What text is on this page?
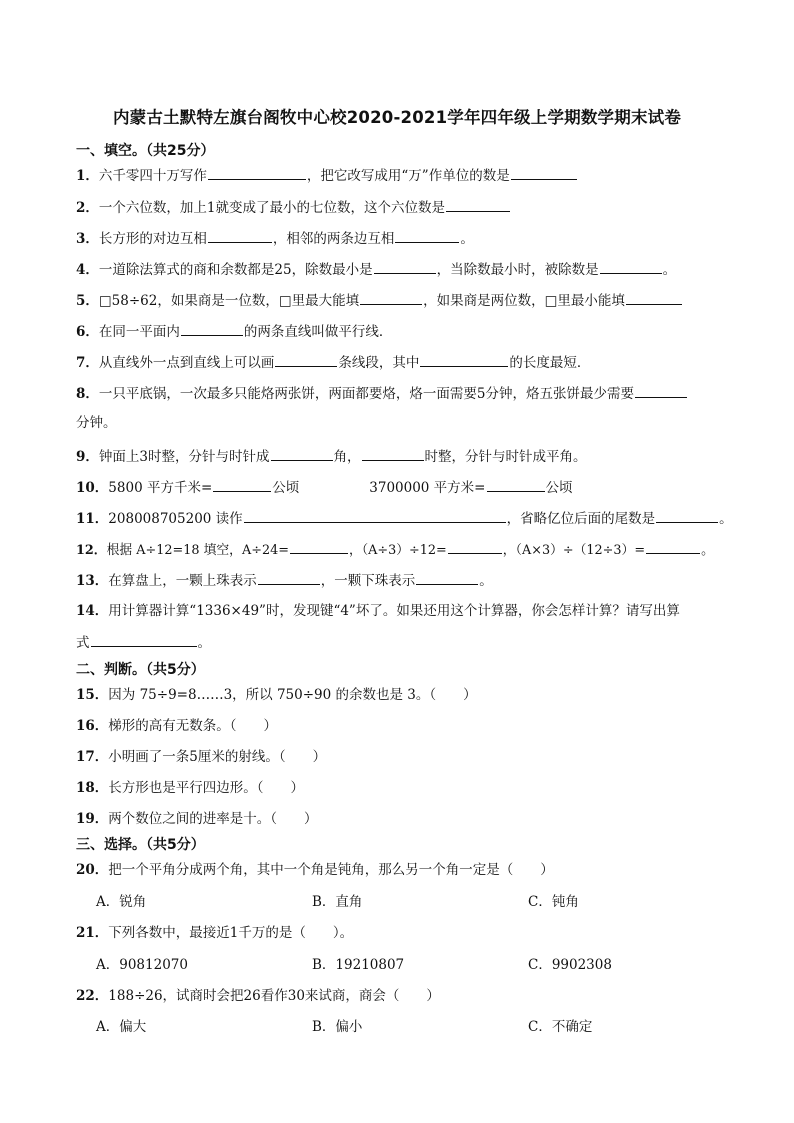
内蒙古土默特左旗台阁牧中心校2020-2021学年四年级上学期数学期末试卷
一、填空。（共25分）
1．六千零四十万写作	，把它改写成用“万”作单位的数是
2．一个六位数，加上1就变成了最小的七位数，这个六位数是
3．长方形的对边互相	，相邻的两条边互相	。
4．一道除法算式的商和余数都是25，除数最小是	，当除数最小时，被除数是	。
5．□58÷62，如果商是一位数，□里最大能填	，如果商是两位数，□里最小能填
6．在同一平面内	的两条直线叫做平行线．
7．从直线外一点到直线上可以画	条线段，其中	的长度最短．
8．一只平底锅，一次最多只能烙两张饼，两面都要烙，烙一面需要5分钟，烙五张饼最少需要
分钟。
9．钟面上3时整，分针与时针成	角，	时整，分针与时针成平角。
10．5800 平方千米=	公顷	3700000 平方米=	公顷
11．208008705200 读作	，省略亿位后面的尾数是	。
12．根据 A÷12=18 填空，A÷24=	，（A÷3）÷12=	，（A×3）÷（12÷3）=	。
13．在算盘上，一颗上珠表示	，一颗下珠表示	。
14．用计算器计算“1336×49”时，发现键“4”坏了。如果还用这个计算器，你会怎样计算？请写出算
式	。
二、判断。（共5分）
15．因为 75÷9=8……3，所以 750÷90 的余数也是 3。（　　）
16．梯形的高有无数条。（　　）
17．小明画了一条5厘米的射线。（　　）
18．长方形也是平行四边形。（　　）
19．两个数位之间的进率是十。（　　）
三、选择。（共5分）
20．把一个平角分成两个角，其中一个角是钝角，那么另一个角一定是（　　）
A．锐角	B．直角	C．钝角
21．下列各数中，最接近1千万的是（　　）。
A．90812070	B．19210807	C．9902308
22．188÷26，试商时会把26看作30来试商，商会（　　）
A．偏大	B．偏小	C．不确定
